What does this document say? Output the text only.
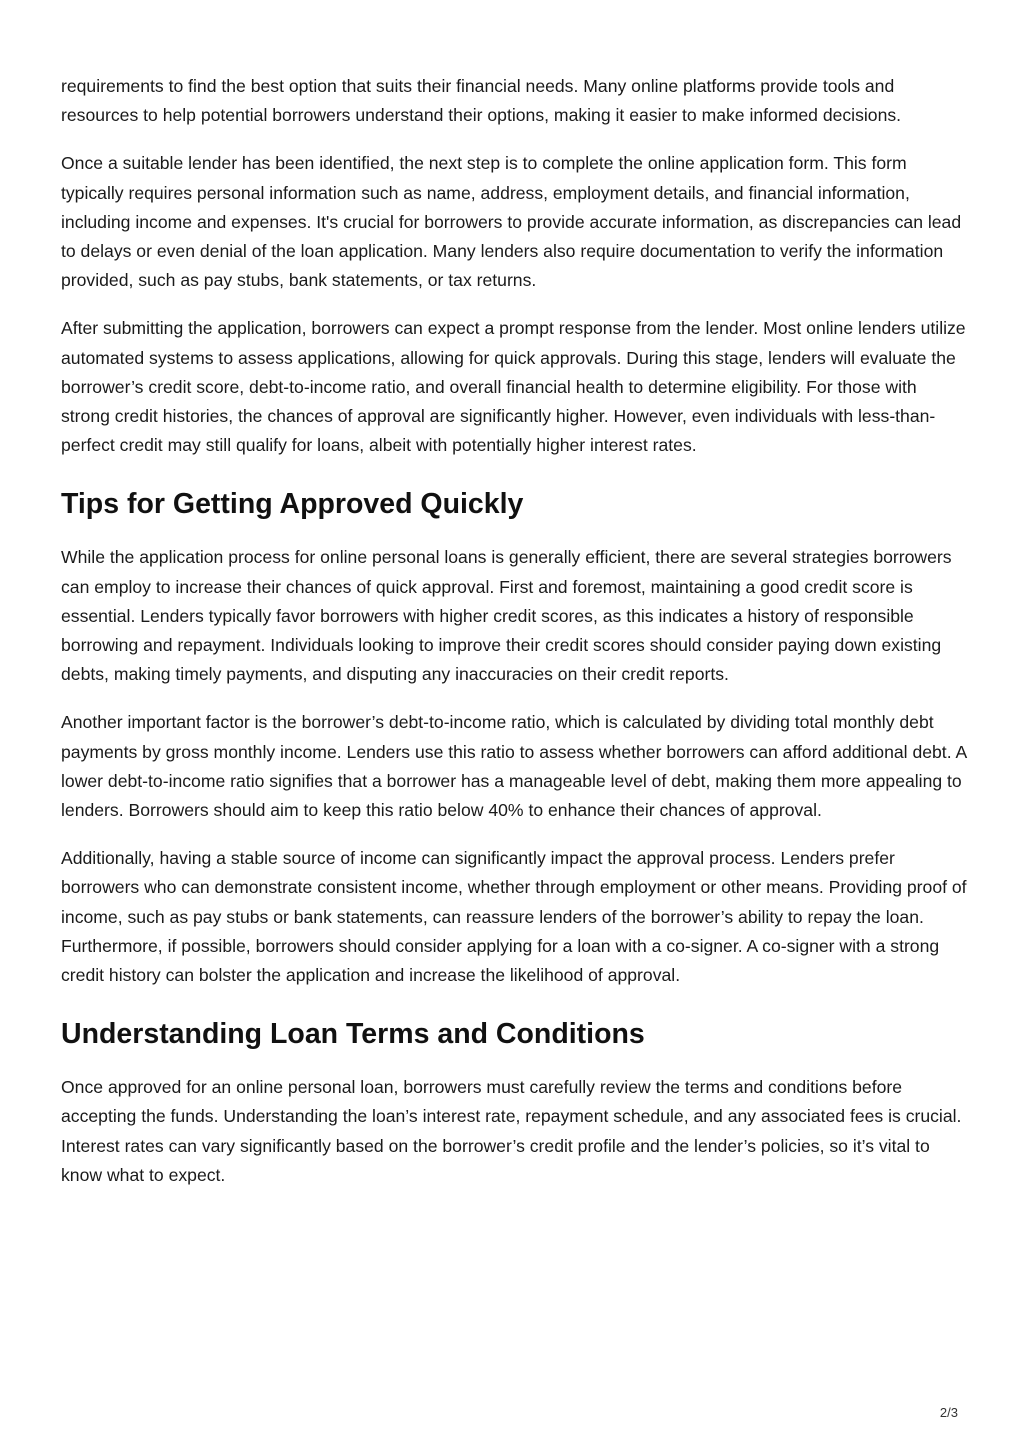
requirements to find the best option that suits their financial needs. Many online platforms provide tools and resources to help potential borrowers understand their options, making it easier to make informed decisions.

Once a suitable lender has been identified, the next step is to complete the online application form. This form typically requires personal information such as name, address, employment details, and financial information, including income and expenses. It's crucial for borrowers to provide accurate information, as discrepancies can lead to delays or even denial of the loan application. Many lenders also require documentation to verify the information provided, such as pay stubs, bank statements, or tax returns.

After submitting the application, borrowers can expect a prompt response from the lender. Most online lenders utilize automated systems to assess applications, allowing for quick approvals. During this stage, lenders will evaluate the borrower’s credit score, debt-to-income ratio, and overall financial health to determine eligibility. For those with strong credit histories, the chances of approval are significantly higher. However, even individuals with less-than-perfect credit may still qualify for loans, albeit with potentially higher interest rates.

Tips for Getting Approved Quickly

While the application process for online personal loans is generally efficient, there are several strategies borrowers can employ to increase their chances of quick approval. First and foremost, maintaining a good credit score is essential. Lenders typically favor borrowers with higher credit scores, as this indicates a history of responsible borrowing and repayment. Individuals looking to improve their credit scores should consider paying down existing debts, making timely payments, and disputing any inaccuracies on their credit reports.

Another important factor is the borrower’s debt-to-income ratio, which is calculated by dividing total monthly debt payments by gross monthly income. Lenders use this ratio to assess whether borrowers can afford additional debt. A lower debt-to-income ratio signifies that a borrower has a manageable level of debt, making them more appealing to lenders. Borrowers should aim to keep this ratio below 40% to enhance their chances of approval.

Additionally, having a stable source of income can significantly impact the approval process. Lenders prefer borrowers who can demonstrate consistent income, whether through employment or other means. Providing proof of income, such as pay stubs or bank statements, can reassure lenders of the borrower’s ability to repay the loan. Furthermore, if possible, borrowers should consider applying for a loan with a co-signer. A co-signer with a strong credit history can bolster the application and increase the likelihood of approval.

Understanding Loan Terms and Conditions

Once approved for an online personal loan, borrowers must carefully review the terms and conditions before accepting the funds. Understanding the loan’s interest rate, repayment schedule, and any associated fees is crucial. Interest rates can vary significantly based on the borrower’s credit profile and the lender’s policies, so it’s vital to know what to expect.

2/3
